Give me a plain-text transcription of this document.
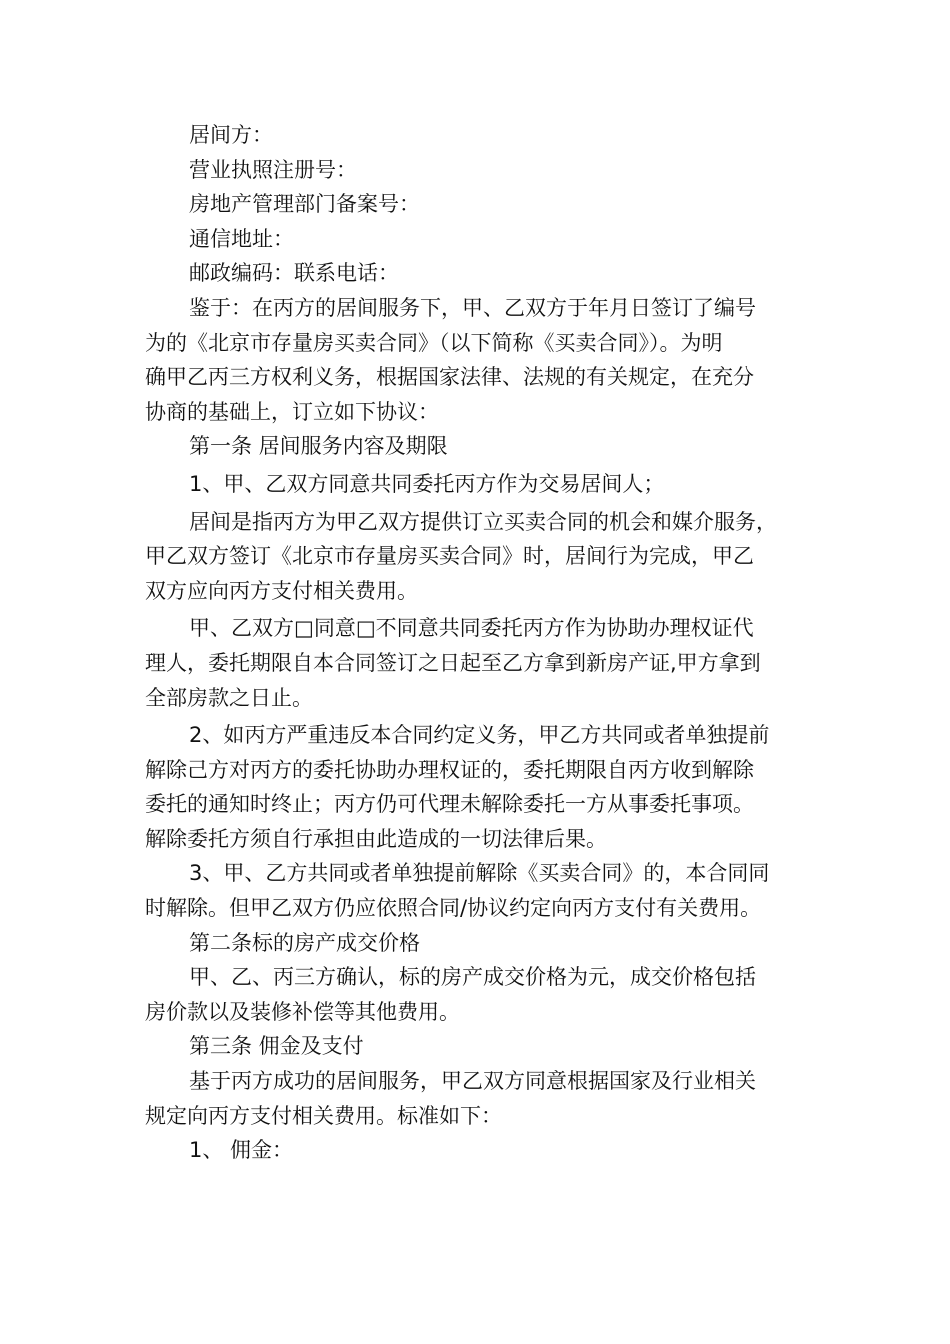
居间方：

营业执照注册号：

房地产管理部门备案号：

通信地址：

邮政编码：联系电话：

鉴于：在丙方的居间服务下，甲、乙双方于年月日签订了编号

为的《北京市存量房买卖合同》（以下简称《买卖合同》）。为明

确甲乙丙三方权利义务，根据国家法律、法规的有关规定，在充分

协商的基础上，订立如下协议：

第一条 居间服务内容及期限

1、甲、乙双方同意共同委托丙方作为交易居间人；

居间是指丙方为甲乙双方提供订立买卖合同的机会和媒介服务，

甲乙双方签订《北京市存量房买卖合同》时，居间行为完成，甲乙

双方应向丙方支付相关费用。

甲、乙双方□同意□不同意共同委托丙方作为协助办理权证代

理人，委托期限自本合同签订之日起至乙方拿到新房产证,甲方拿到

全部房款之日止。

2、如丙方严重违反本合同约定义务，甲乙方共同或者单独提前

解除己方对丙方的委托协助办理权证的，委托期限自丙方收到解除

委托的通知时终止；丙方仍可代理未解除委托一方从事委托事项。

解除委托方须自行承担由此造成的一切法律后果。

3、甲、乙方共同或者单独提前解除《买卖合同》的，本合同同

时解除。但甲乙双方仍应依照合同/协议约定向丙方支付有关费用。

第二条标的房产成交价格

甲、乙、丙三方确认，标的房产成交价格为元，成交价格包括

房价款以及装修补偿等其他费用。

第三条 佣金及支付

基于丙方成功的居间服务，甲乙双方同意根据国家及行业相关

规定向丙方支付相关费用。标准如下：

1、 佣金：
